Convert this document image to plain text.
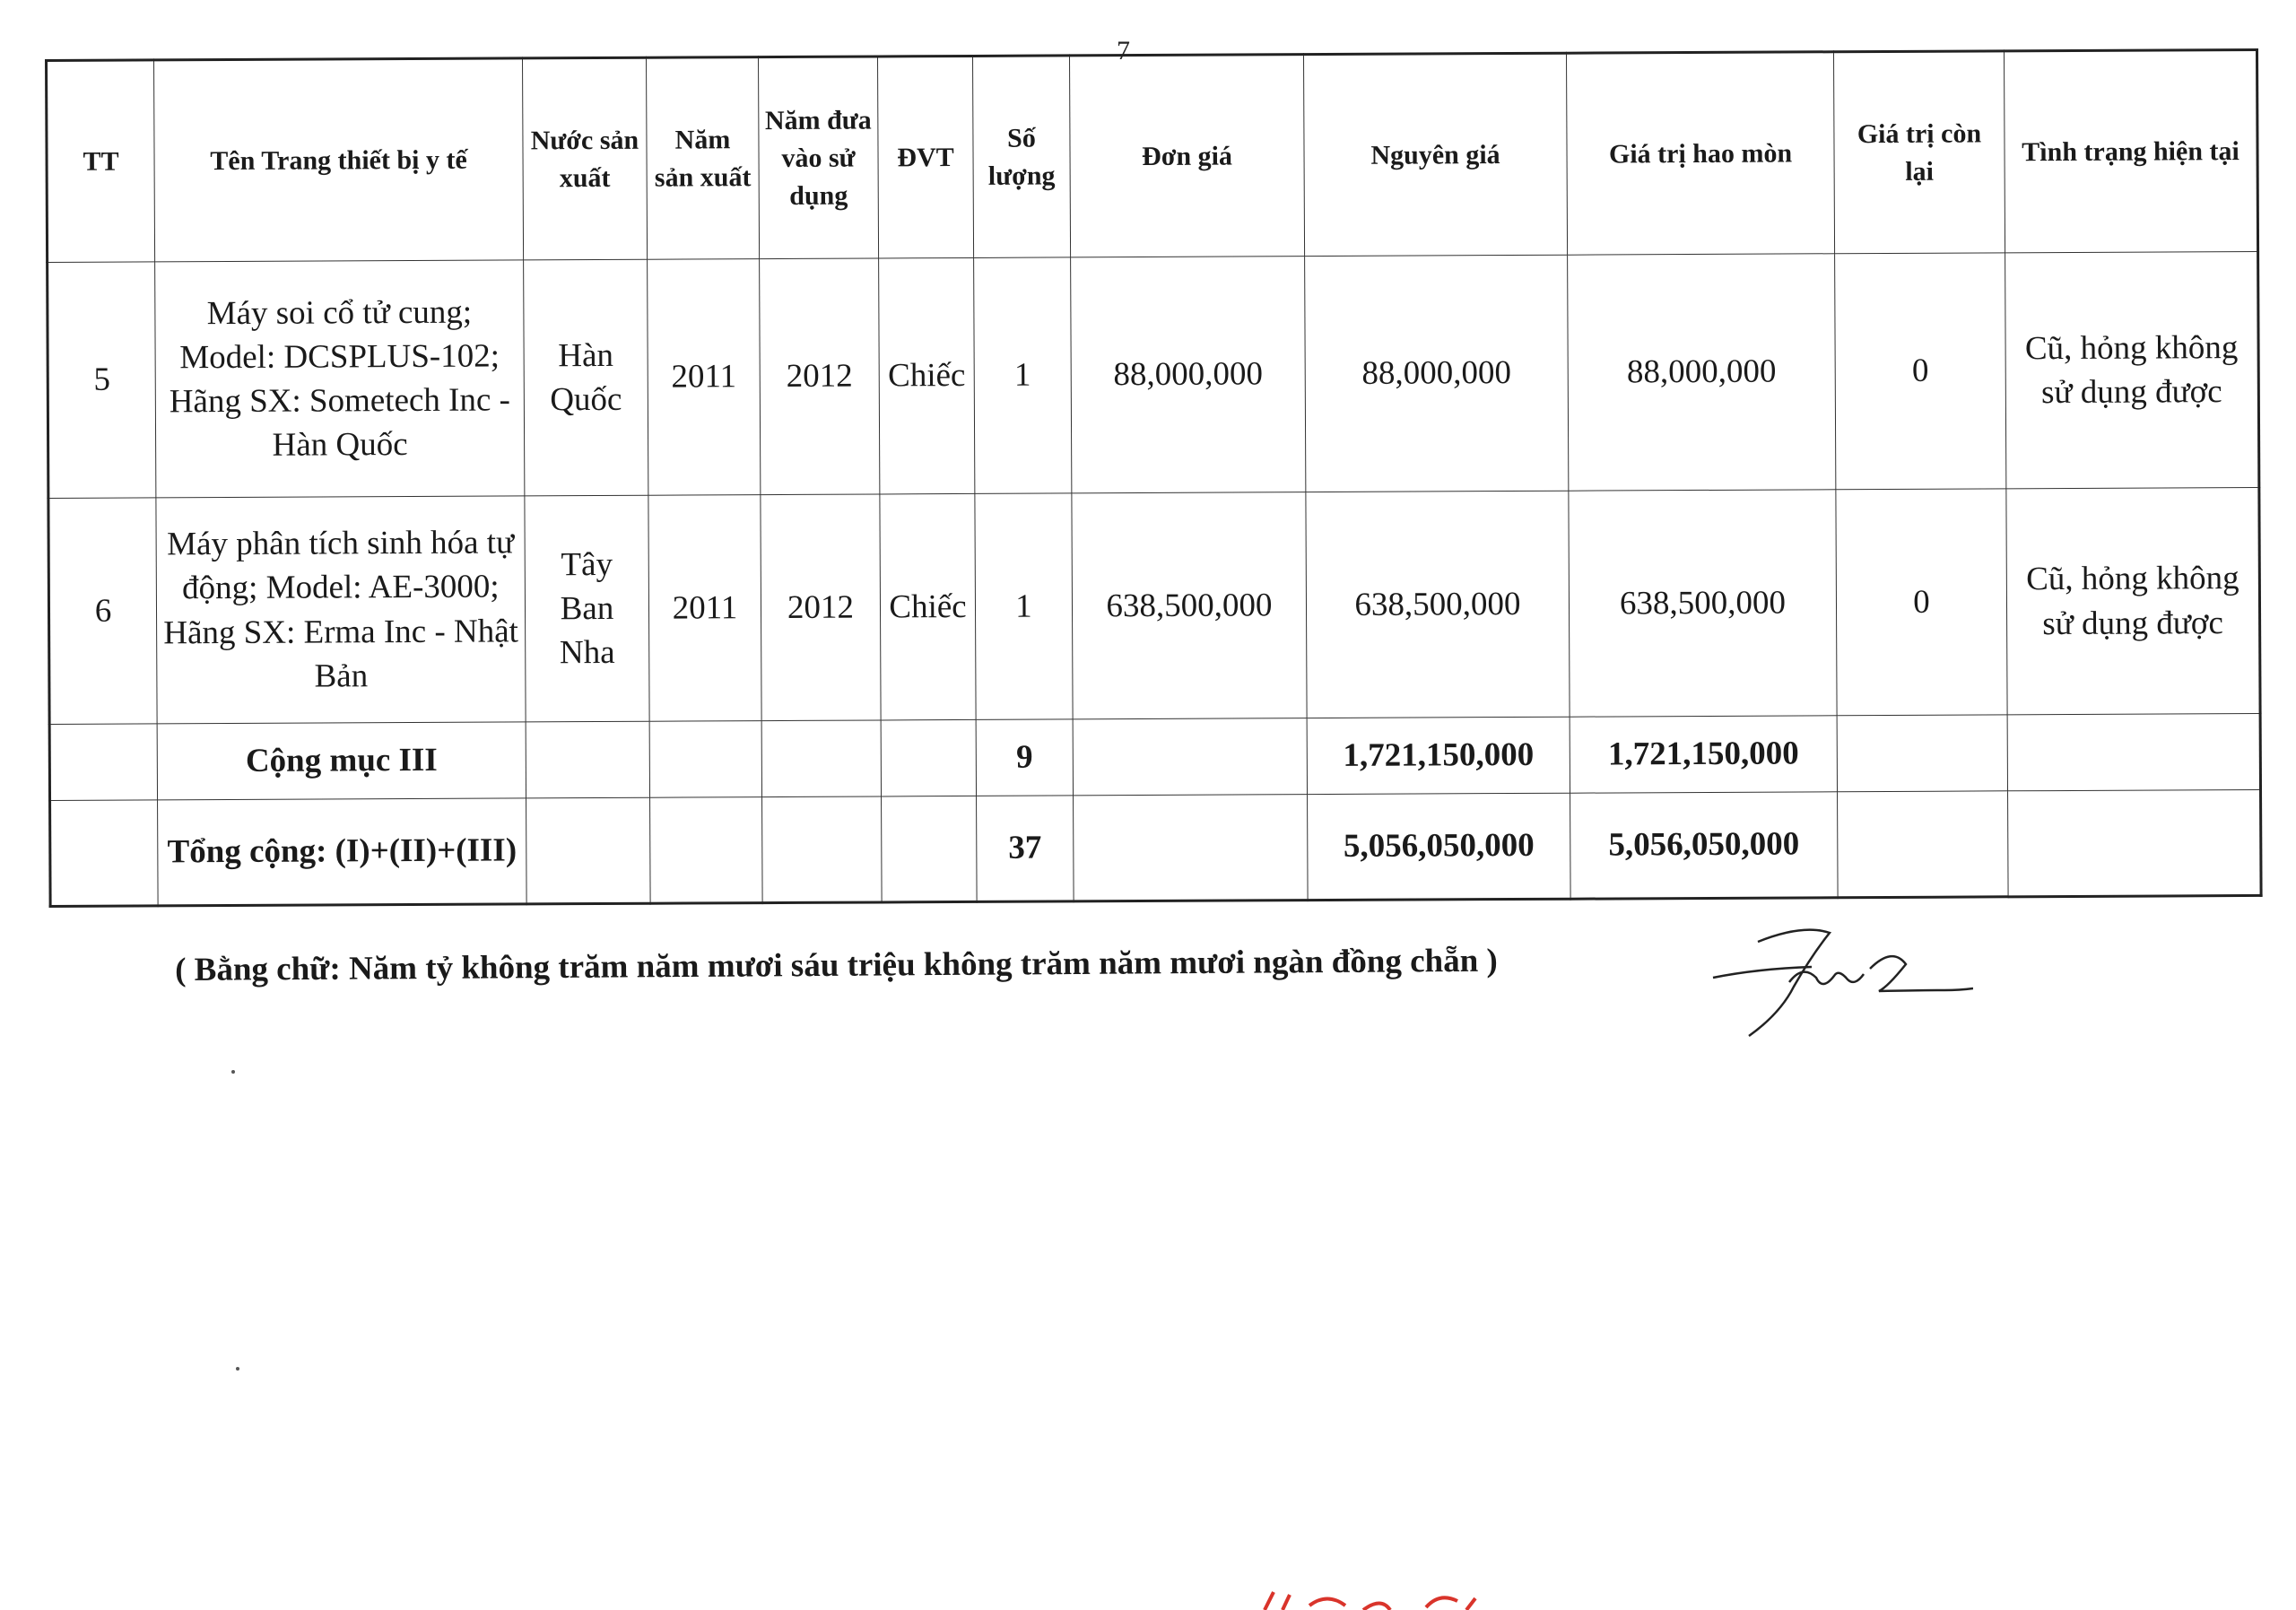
7
TT	Tên Trang thiết bị y tế	Nước sản xuất	Năm sản xuất	Năm đưa vào sử dụng	ĐVT	Số lượng	Đơn giá	Nguyên giá	Giá trị hao mòn	Giá trị còn lại	Tình trạng hiện tại
5	Máy soi cổ tử cung; Model: DCSPLUS-102; Hãng SX: Sometech Inc - Hàn Quốc	Hàn Quốc	2011	2012	Chiếc	1	88,000,000	88,000,000	88,000,000	0	Cũ, hỏng không sử dụng được
6	Máy phân tích sinh hóa tự động; Model: AE-3000; Hãng SX: Erma Inc - Nhật Bản	Tây Ban Nha	2011	2012	Chiếc	1	638,500,000	638,500,000	638,500,000	0	Cũ, hỏng không sử dụng được
	Cộng mục III					9		1,721,150,000	1,721,150,000		
	Tổng cộng: (I)+(II)+(III)					37		5,056,050,000	5,056,050,000		
( Bằng chữ: Năm tỷ không trăm năm mươi sáu triệu không trăm năm mươi ngàn đồng chẵn )
